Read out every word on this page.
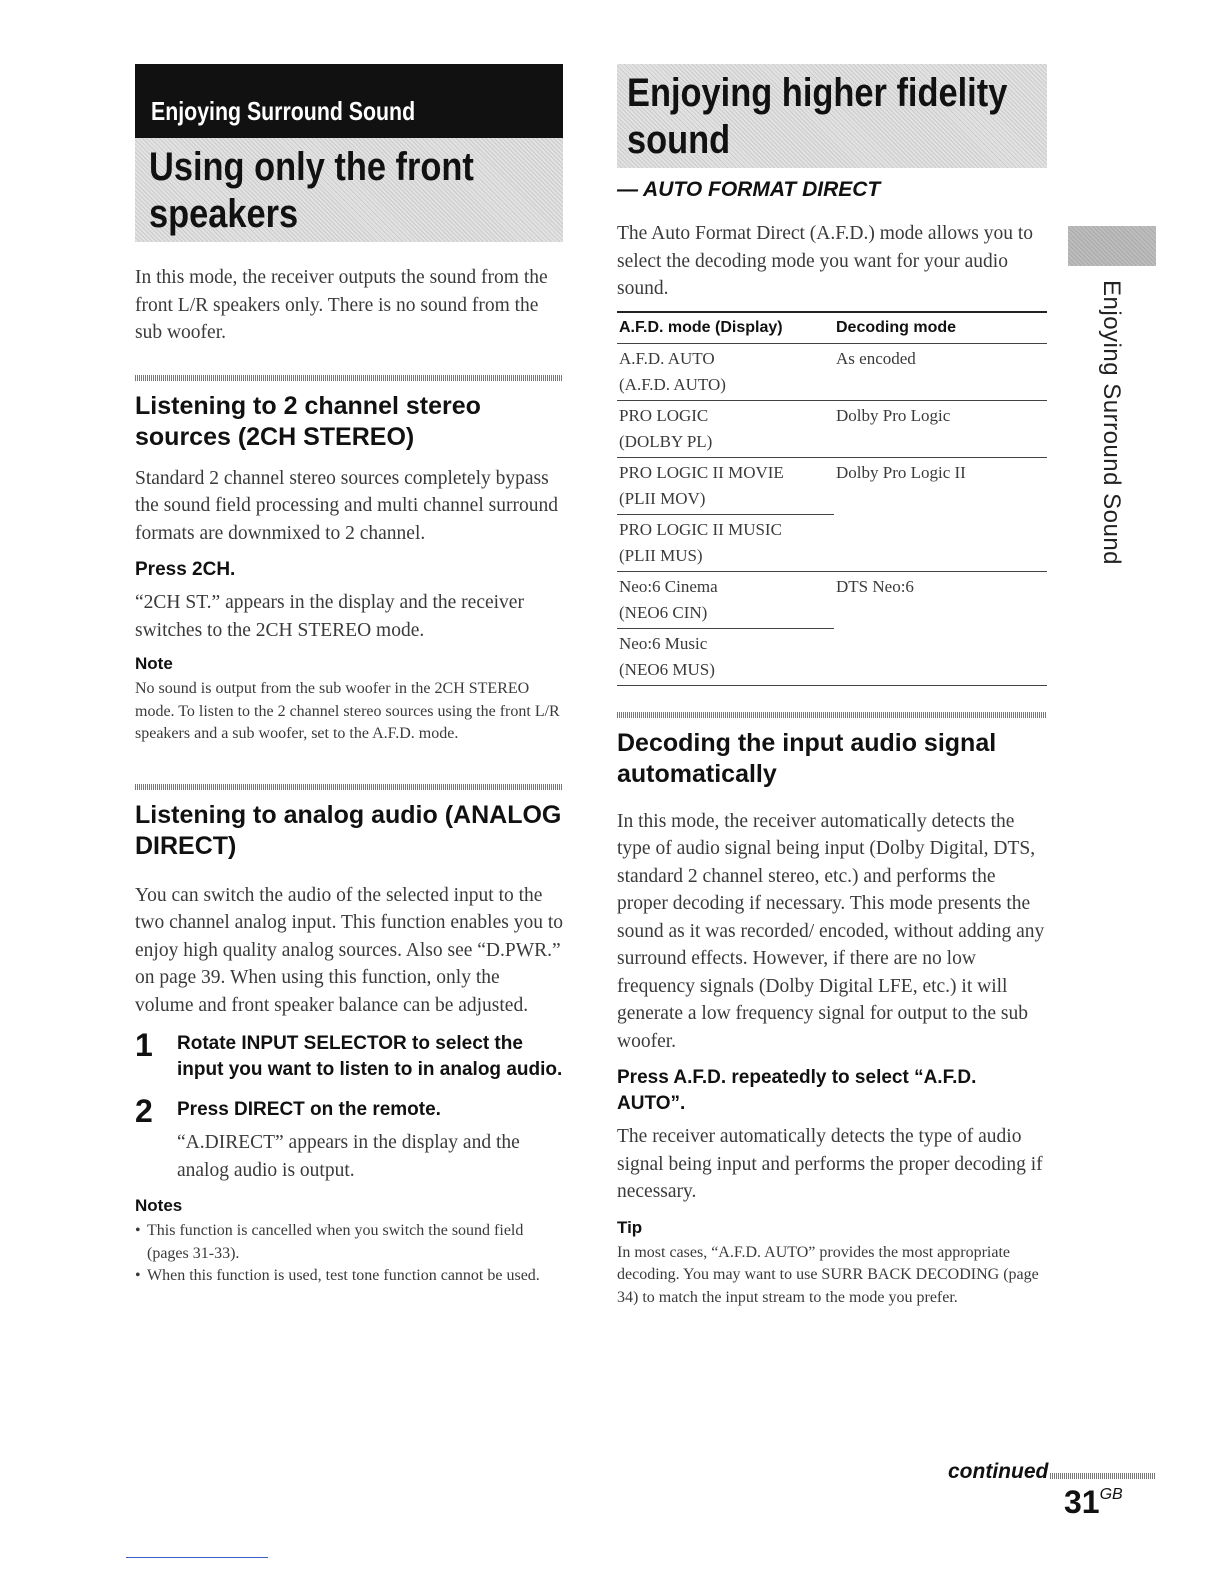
Enjoying Surround Sound
Using only the front speakers

In this mode, the receiver outputs the sound from the front L/R speakers only. There is no sound from the sub woofer.

Listening to 2 channel stereo sources (2CH STEREO)

Standard 2 channel stereo sources completely bypass the sound field processing and multi channel surround formats are downmixed to 2 channel.

Press 2CH.

“2CH ST.” appears in the display and the receiver switches to the 2CH STEREO mode.

Note

No sound is output from the sub woofer in the 2CH STEREO mode. To listen to the 2 channel stereo sources using the front L/R speakers and a sub woofer, set to the A.F.D. mode.

Listening to analog audio (ANALOG DIRECT)

You can switch the audio of the selected input to the two channel analog input. This function enables you to enjoy high quality analog sources. Also see “D.PWR.” on page 39. When using this function, only the volume and front speaker balance can be adjusted.

1 Rotate INPUT SELECTOR to select the input you want to listen to in analog audio.

2 Press DIRECT on the remote.

“A.DIRECT” appears in the display and the analog audio is output.

Notes

• This function is cancelled when you switch the sound field (pages 31-33).
• When this function is used, test tone function cannot be used.
Enjoying higher fidelity sound
— AUTO FORMAT DIRECT

The Auto Format Direct (A.F.D.) mode allows you to select the decoding mode you want for your audio sound.

A.F.D. mode (Display)	Decoding mode

A.F.D. AUTO
(A.F.D. AUTO)	As encoded

PRO LOGIC
(DOLBY PL)	Dolby Pro Logic

PRO LOGIC II MOVIE
(PLII MOV)	Dolby Pro Logic II

PRO LOGIC II MUSIC
(PLII MUS)	

Neo:6 Cinema
(NEO6 CIN)	DTS Neo:6

Neo:6 Music
(NEO6 MUS)	
Decoding the input audio signal automatically

In this mode, the receiver automatically detects the type of audio signal being input (Dolby Digital, DTS, standard 2 channel stereo, etc.) and performs the proper decoding if necessary. This mode presents the sound as it was recorded/ encoded, without adding any surround effects. However, if there are no low frequency signals (Dolby Digital LFE, etc.) it will generate a low frequency signal for output to the sub woofer.

Press A.F.D. repeatedly to select “A.F.D. AUTO”.

The receiver automatically detects the type of audio signal being input and performs the proper decoding if necessary.

Tip

In most cases, “A.F.D. AUTO” provides the most appropriate decoding. You may want to use SURR BACK DECODING (page 34) to match the input stream to the mode you prefer.

Enjoying Surround Sound
continued
31GB
